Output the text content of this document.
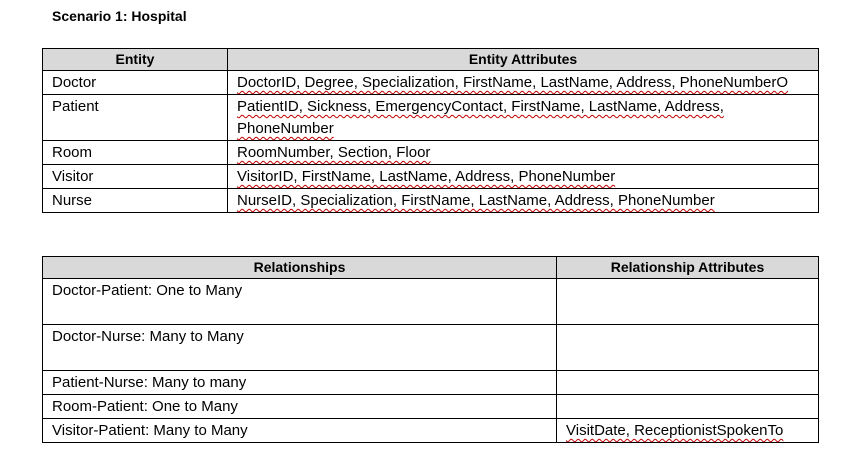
Scenario 1: Hospital
Entity	Entity Attributes
Doctor	DoctorID, Degree, Specialization, FirstName, LastName, Address, PhoneNumberO
Patient	PatientID, Sickness, EmergencyContact, FirstName, LastName, Address, PhoneNumber
Room	RoomNumber, Section, Floor
Visitor	VisitorID, FirstName, LastName, Address, PhoneNumber
Nurse	NurseID, Specialization, FirstName, LastName, Address, PhoneNumber
Relationships	Relationship Attributes
Doctor-Patient: One to Many	
Doctor-Nurse: Many to Many	
Patient-Nurse: Many to many	
Room-Patient: One to Many	
Visitor-Patient: Many to Many	VisitDate, ReceptionistSpokenTo
